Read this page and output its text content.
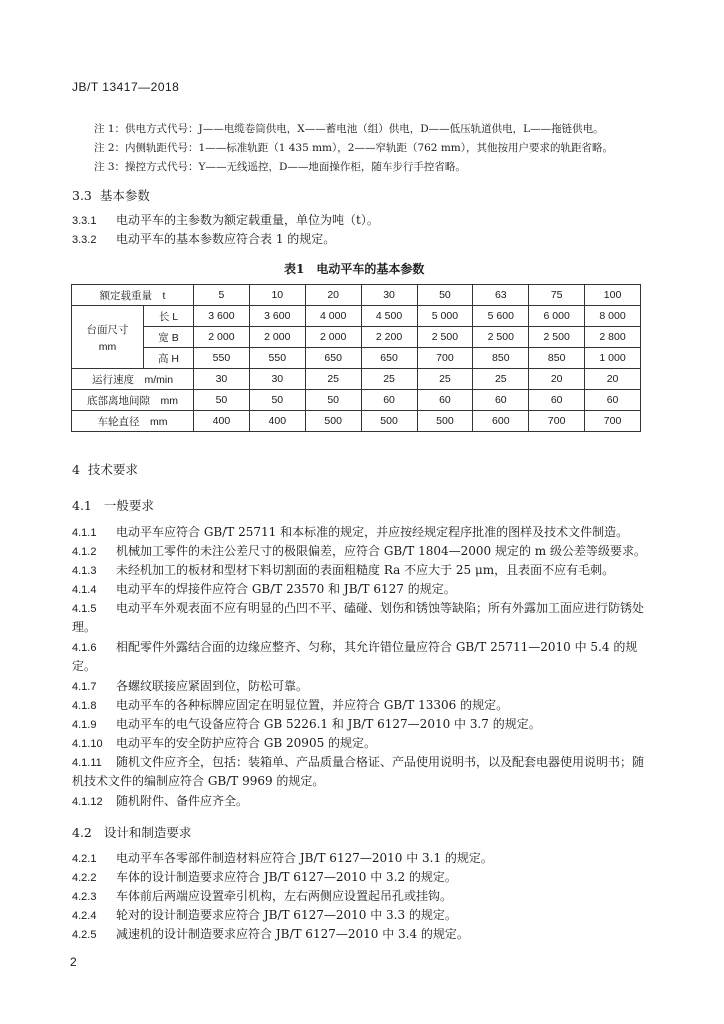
JB/T 13417—2018

注 1：供电方式代号：J——电缆卷筒供电，X——蓄电池（组）供电，D——低压轨道供电，L——拖链供电。

注 2：内侧轨距代号：1——标准轨距（1 435 mm），2——窄轨距（762 mm），其他按用户要求的轨距省略。

注 3：操控方式代号：Y——无线遥控，D——地面操作柜，随车步行手控省略。

3.3 基本参数
3.3.1 电动平车的主参数为额定载重量，单位为吨（t）。
3.3.2 电动平车的基本参数应符合表 1 的规定。
表1　电动平车的基本参数
额定载重量　t		5	10	20	30	50	63	75	100

台面尺寸
mm	长 L	3 600	3 600	4 000	4 500	5 000	5 600	6 000	8 000
	宽 B	2 000	2 000	2 000	2 200	2 500	2 500	2 500	2 800
	高 H	550	550	650	650	700	850	850	1 000
运行速度　m/min		30	30	25	25	25	25	20	20
底部离地间隙　mm		50	50	50	60	60	60	60	60
车轮直径　mm		400	400	500	500	500	600	700	700
4 技术要求
4.1 一般要求
4.1.1 电动平车应符合 GB/T 25711 和本标准的规定，并应按经规定程序批准的图样及技术文件制造。
4.1.2 机械加工零件的未注公差尺寸的极限偏差，应符合 GB/T 1804—2000 规定的 m 级公差等级要求。
4.1.3 未经机加工的板材和型材下料切割面的表面粗糙度 Ra 不应大于 25 μm，且表面不应有毛刺。
4.1.4 电动平车的焊接件应符合 GB/T 23570 和 JB/T 6127 的规定。
4.1.5 电动平车外观表面不应有明显的凸凹不平、磕碰、划伤和锈蚀等缺陷；所有外露加工面应进行防锈处理。
4.1.6 相配零件外露结合面的边缘应整齐、匀称，其允许错位量应符合 GB/T 25711—2010 中 5.4 的规定。
4.1.7 各螺纹联接应紧固到位，防松可靠。
4.1.8 电动平车的各种标牌应固定在明显位置，并应符合 GB/T 13306 的规定。
4.1.9 电动平车的电气设备应符合 GB 5226.1 和 JB/T 6127—2010 中 3.7 的规定。
4.1.10 电动平车的安全防护应符合 GB 20905 的规定。
4.1.11 随机文件应齐全，包括：装箱单、产品质量合格证、产品使用说明书，以及配套电器使用说明书；随机技术文件的编制应符合 GB/T 9969 的规定。
4.1.12 随机附件、备件应齐全。
4.2 设计和制造要求
4.2.1 电动平车各零部件制造材料应符合 JB/T 6127—2010 中 3.1 的规定。
4.2.2 车体的设计制造要求应符合 JB/T 6127—2010 中 3.2 的规定。
4.2.3 车体前后两端应设置牵引机构，左右两侧应设置起吊孔或挂钩。
4.2.4 轮对的设计制造要求应符合 JB/T 6127—2010 中 3.3 的规定。
4.2.5 减速机的设计制造要求应符合 JB/T 6127—2010 中 3.4 的规定。
2
